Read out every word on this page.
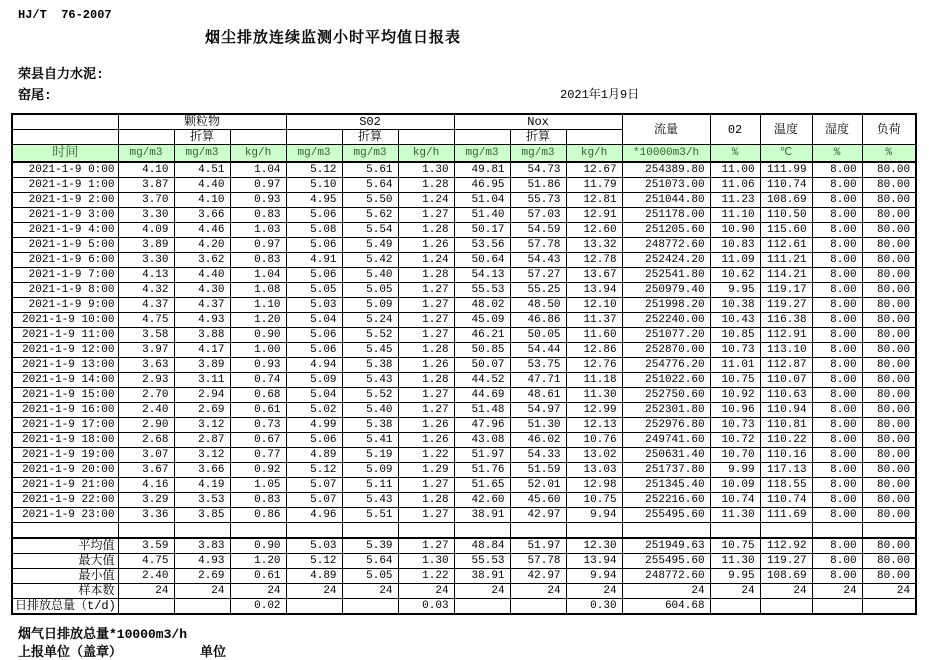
HJ/T  76-2007
烟尘排放连续监测小时平均值日报表
荣县自力水泥:
窑尾:	2021年1月9日
	颗粒物			S02			Nox			流量	02	温度	湿度	负荷
		折算			折算			折算						
时间	mg/m3	mg/m3	kg/h	mg/m3	mg/m3	kg/h	mg/m3	mg/m3	kg/h	*10000m3/h	%	℃	%	%
2021-1-9 0:00	4.10	4.51	1.04	5.12	5.61	1.30	49.81	54.73	12.67	254389.80	11.00	111.99	8.00	80.00
2021-1-9 1:00	3.87	4.40	0.97	5.10	5.64	1.28	46.95	51.86	11.79	251073.00	11.06	110.74	8.00	80.00
2021-1-9 2:00	3.70	4.10	0.93	4.95	5.50	1.24	51.04	55.73	12.81	251044.80	11.23	108.69	8.00	80.00
2021-1-9 3:00	3.30	3.66	0.83	5.06	5.62	1.27	51.40	57.03	12.91	251178.00	11.10	110.50	8.00	80.00
2021-1-9 4:00	4.09	4.46	1.03	5.08	5.54	1.28	50.17	54.59	12.60	251205.60	10.90	115.60	8.00	80.00
2021-1-9 5:00	3.89	4.20	0.97	5.06	5.49	1.26	53.56	57.78	13.32	248772.60	10.83	112.61	8.00	80.00
2021-1-9 6:00	3.30	3.62	0.83	4.91	5.42	1.24	50.64	54.43	12.78	252424.20	11.09	111.21	8.00	80.00
2021-1-9 7:00	4.13	4.40	1.04	5.06	5.40	1.28	54.13	57.27	13.67	252541.80	10.62	114.21	8.00	80.00
2021-1-9 8:00	4.32	4.30	1.08	5.05	5.05	1.27	55.53	55.25	13.94	250979.40	9.95	119.17	8.00	80.00
2021-1-9 9:00	4.37	4.37	1.10	5.03	5.09	1.27	48.02	48.50	12.10	251998.20	10.38	119.27	8.00	80.00
2021-1-9 10:00	4.75	4.93	1.20	5.04	5.24	1.27	45.09	46.86	11.37	252240.00	10.43	116.38	8.00	80.00
2021-1-9 11:00	3.58	3.88	0.90	5.06	5.52	1.27	46.21	50.05	11.60	251077.20	10.85	112.91	8.00	80.00
2021-1-9 12:00	3.97	4.17	1.00	5.06	5.45	1.28	50.85	54.44	12.86	252870.00	10.73	113.10	8.00	80.00
2021-1-9 13:00	3.63	3.89	0.93	4.94	5.38	1.26	50.07	53.75	12.76	254776.20	11.01	112.87	8.00	80.00
2021-1-9 14:00	2.93	3.11	0.74	5.09	5.43	1.28	44.52	47.71	11.18	251022.60	10.75	110.07	8.00	80.00
2021-1-9 15:00	2.70	2.94	0.68	5.04	5.52	1.27	44.69	48.61	11.30	252750.60	10.92	110.63	8.00	80.00
2021-1-9 16:00	2.40	2.69	0.61	5.02	5.40	1.27	51.48	54.97	12.99	252301.80	10.96	110.94	8.00	80.00
2021-1-9 17:00	2.90	3.12	0.73	4.99	5.38	1.26	47.96	51.30	12.13	252976.80	10.73	110.81	8.00	80.00
2021-1-9 18:00	2.68	2.87	0.67	5.06	5.41	1.26	43.08	46.02	10.76	249741.60	10.72	110.22	8.00	80.00
2021-1-9 19:00	3.07	3.12	0.77	4.89	5.19	1.22	51.97	54.33	13.02	250631.40	10.70	110.16	8.00	80.00
2021-1-9 20:00	3.67	3.66	0.92	5.12	5.09	1.29	51.76	51.59	13.03	251737.80	9.99	117.13	8.00	80.00
2021-1-9 21:00	4.16	4.19	1.05	5.07	5.11	1.27	51.65	52.01	12.98	251345.40	10.09	118.55	8.00	80.00
2021-1-9 22:00	3.29	3.53	0.83	5.07	5.43	1.28	42.60	45.60	10.75	252216.60	10.74	110.74	8.00	80.00
2021-1-9 23:00	3.36	3.85	0.86	4.96	5.51	1.27	38.91	42.97	9.94	255495.60	11.30	111.69	8.00	80.00

平均值	3.59	3.83	0.90	5.03	5.39	1.27	48.84	51.97	12.30	251949.63	10.75	112.92	8.00	80.00
最大值	4.75	4.93	1.20	5.12	5.64	1.30	55.53	57.78	13.94	255495.60	11.30	119.27	8.00	80.00
最小值	2.40	2.69	0.61	4.89	5.05	1.22	38.91	42.97	9.94	248772.60	9.95	108.69	8.00	80.00
样本数	24	24	24	24	24	24	24	24	24	24	24	24	24	24
日排放总量（t/d)			0.02			0.03			0.30	604.68				
烟气日排放总量*10000m3/h
上报单位（盖章）	单位
